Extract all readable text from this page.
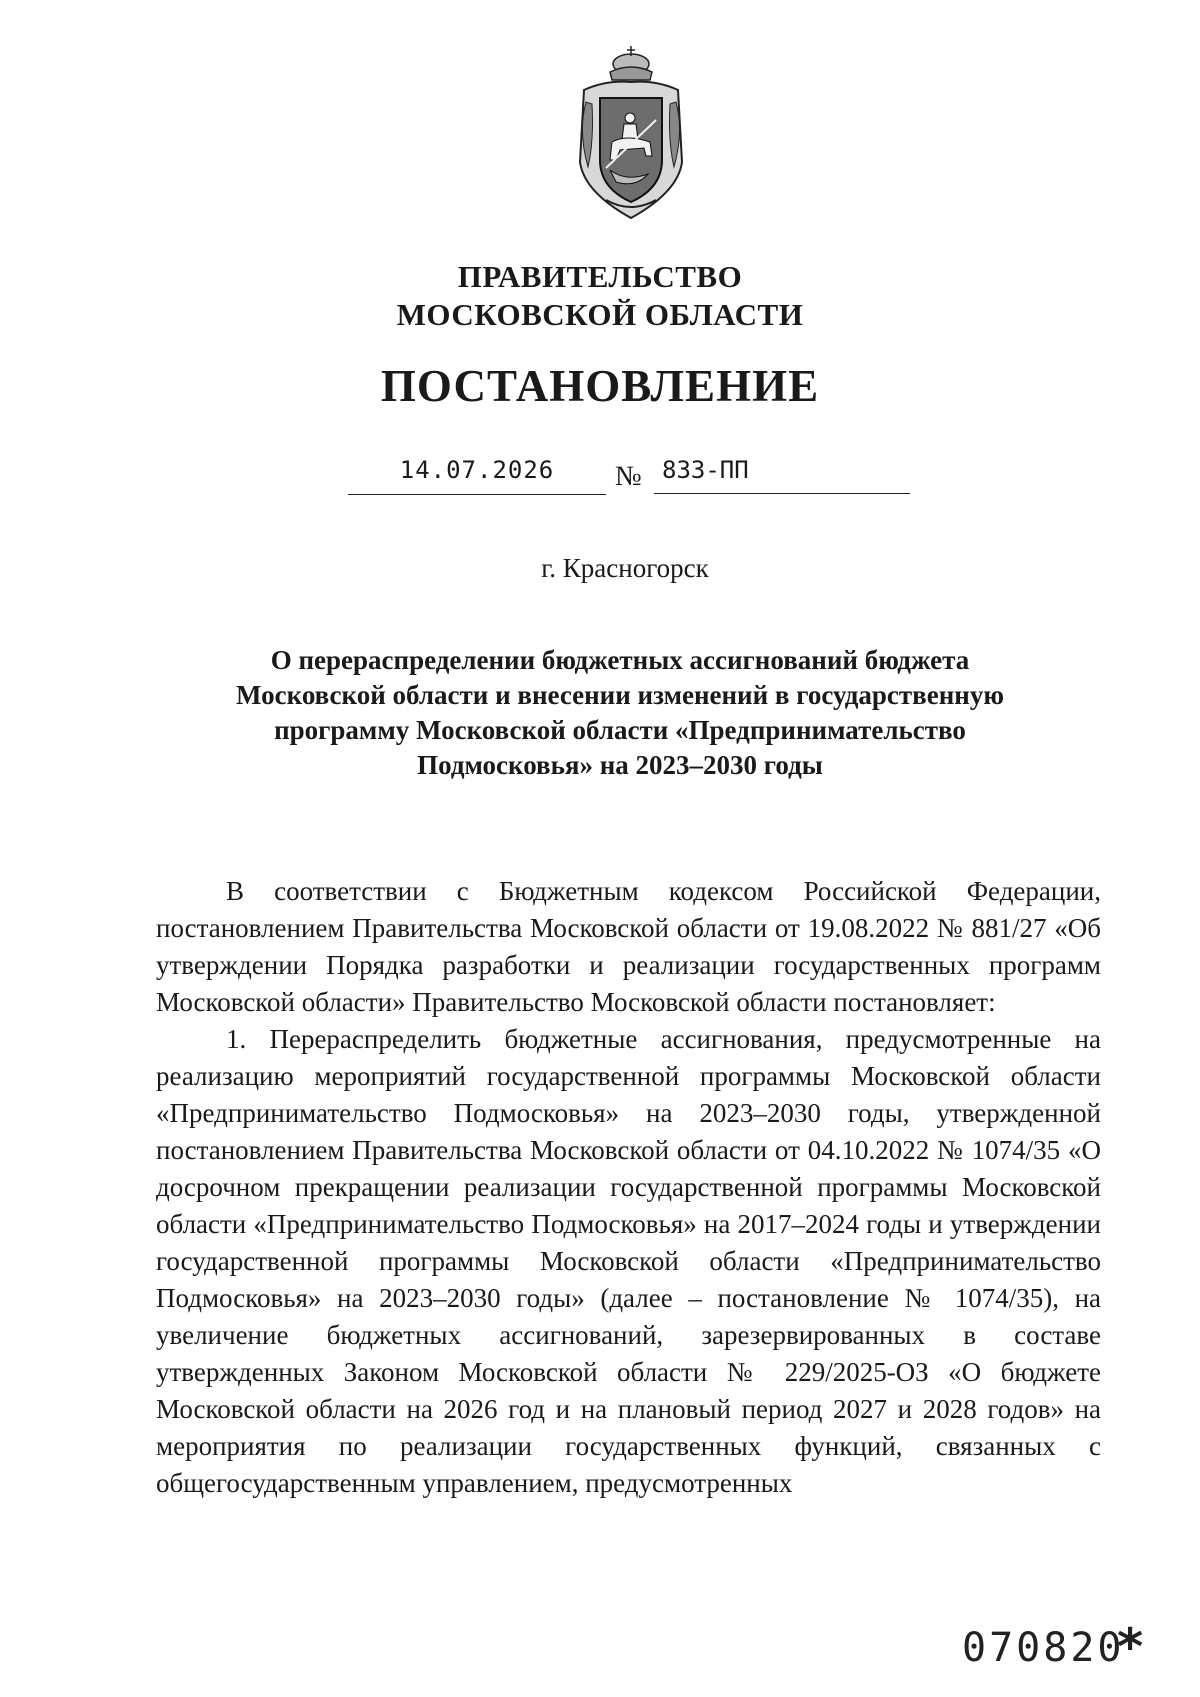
ПРАВИТЕЛЬСТВО
МОСКОВСКОЙ ОБЛАСТИ
ПОСТАНОВЛЕНИЕ
14.07.2026	№ 833-ПП
г. Красногорск
О перераспределении бюджетных ассигнований бюджета
Московской области и внесении изменений в государственную
программу Московской области «Предпринимательство
Подмосковья» на 2023–2030 годы

В соответствии с Бюджетным кодексом Российской Федерации, постановлением Правительства Московской области от 19.08.2022 № 881/27 «Об утверждении Порядка разработки и реализации государственных программ Московской области» Правительство Московской области постановляет:

1. Перераспределить бюджетные ассигнования, предусмотренные на реализацию мероприятий государственной программы Московской области «Предпринимательство Подмосковья» на 2023–2030 годы, утвержденной постановлением Правительства Московской области от 04.10.2022 № 1074/35 «О досрочном прекращении реализации государственной программы Московской области «Предпринимательство Подмосковья» на 2017–2024 годы и утверждении государственной программы Московской области «Предпринимательство Подмосковья» на 2023–2030 годы» (далее – постановление № 1074/35), на увеличение бюджетных ассигнований, зарезервированных в составе утвержденных Законом Московской области № 229/2025-ОЗ «О бюджете Московской области на 2026 год и на плановый период 2027 и 2028 годов» на мероприятия по реализации государственных функций, связанных с общегосударственным управлением, предусмотренных

070820
*
